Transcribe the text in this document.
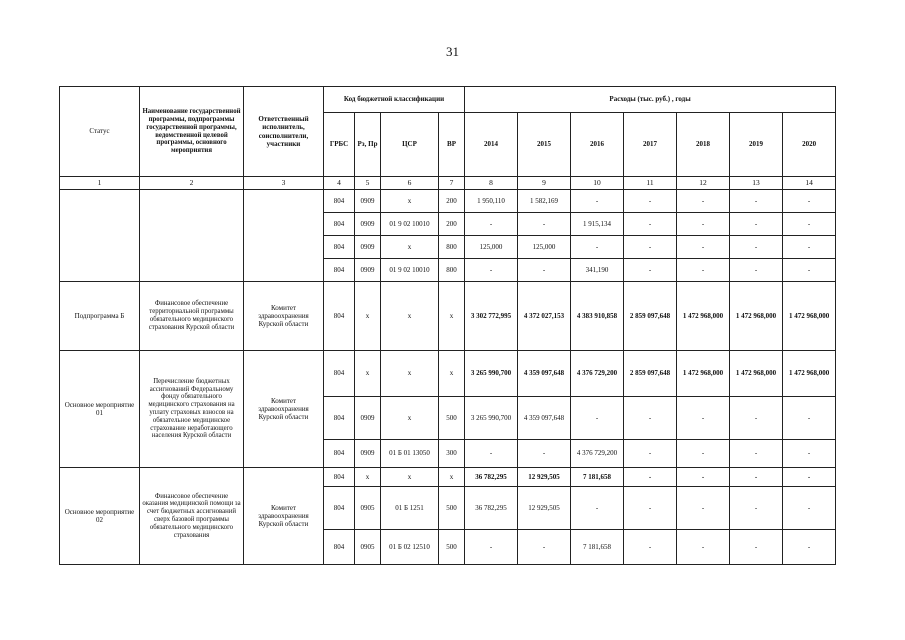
31
Статус	Наименование государственной программы, подпрограммы государственной программы, ведомственной целевой программы, основного мероприятия	Ответственный исполнитель, соисполнители, участники	Код бюджетной классификации				Расходы (тыс. руб.) , годы						
			ГРБС	Рз, Пр	ЦСР	ВР	2014	2015	2016	2017	2018	2019	2020
1	2	3	4	5	6	7	8	9	10	11	12	13	14
			804	0909	х	200	1 950,110	1 582,169	-	-	-	-	-
			804	0909	01 9 02 10010	200	-	-	1 915,134	-	-	-	-
			804	0909	х	800	125,000	125,000	-	-	-	-	-
			804	0909	01 9 02 10010	800	-	-	341,190	-	-	-	-
Подпрограмма Б	Финансовое обеспечение территориальной программы обязательного медицинского страхования Курской области	Комитет здравоохранения Курской области	804	х	х	х	3 302 772,995	4 372 027,153	4 383 910,858	2 859 097,648	1 472 968,000	1 472 968,000	1 472 968,000
Основное мероприятие 01	Перечисление бюджетных ассигнований Федеральному фонду обязательного медицинского страхования на уплату страховых взносов на обязательное медицинское страхование неработающего населения Курской области	Комитет здравоохранения Курской области	804	х	х	х	3 265 990,700	4 359 097,648	4 376 729,200	2 859 097,648	1 472 968,000	1 472 968,000	1 472 968,000
			804	0909	х	500	3 265 990,700	4 359 097,648	-	-	-	-	-
			804	0909	01 Б 01 13050	300	-	-	4 376 729,200	-	-	-	-
Основное мероприятие 02	Финансовое обеспечение оказания медицинской помощи за счет бюджетных ассигнований сверх базовой программы обязательного медицинского страхования	Комитет здравоохранения Курской области	804	х	х	х	36 782,295	12 929,505	7 181,658	-	-	-	-
			804	0905	01 Б 1251	500	36 782,295	12 929,505	-	-	-	-	-
			804	0905	01 Б 02 12510	500	-	-	7 181,658	-	-	-	-
